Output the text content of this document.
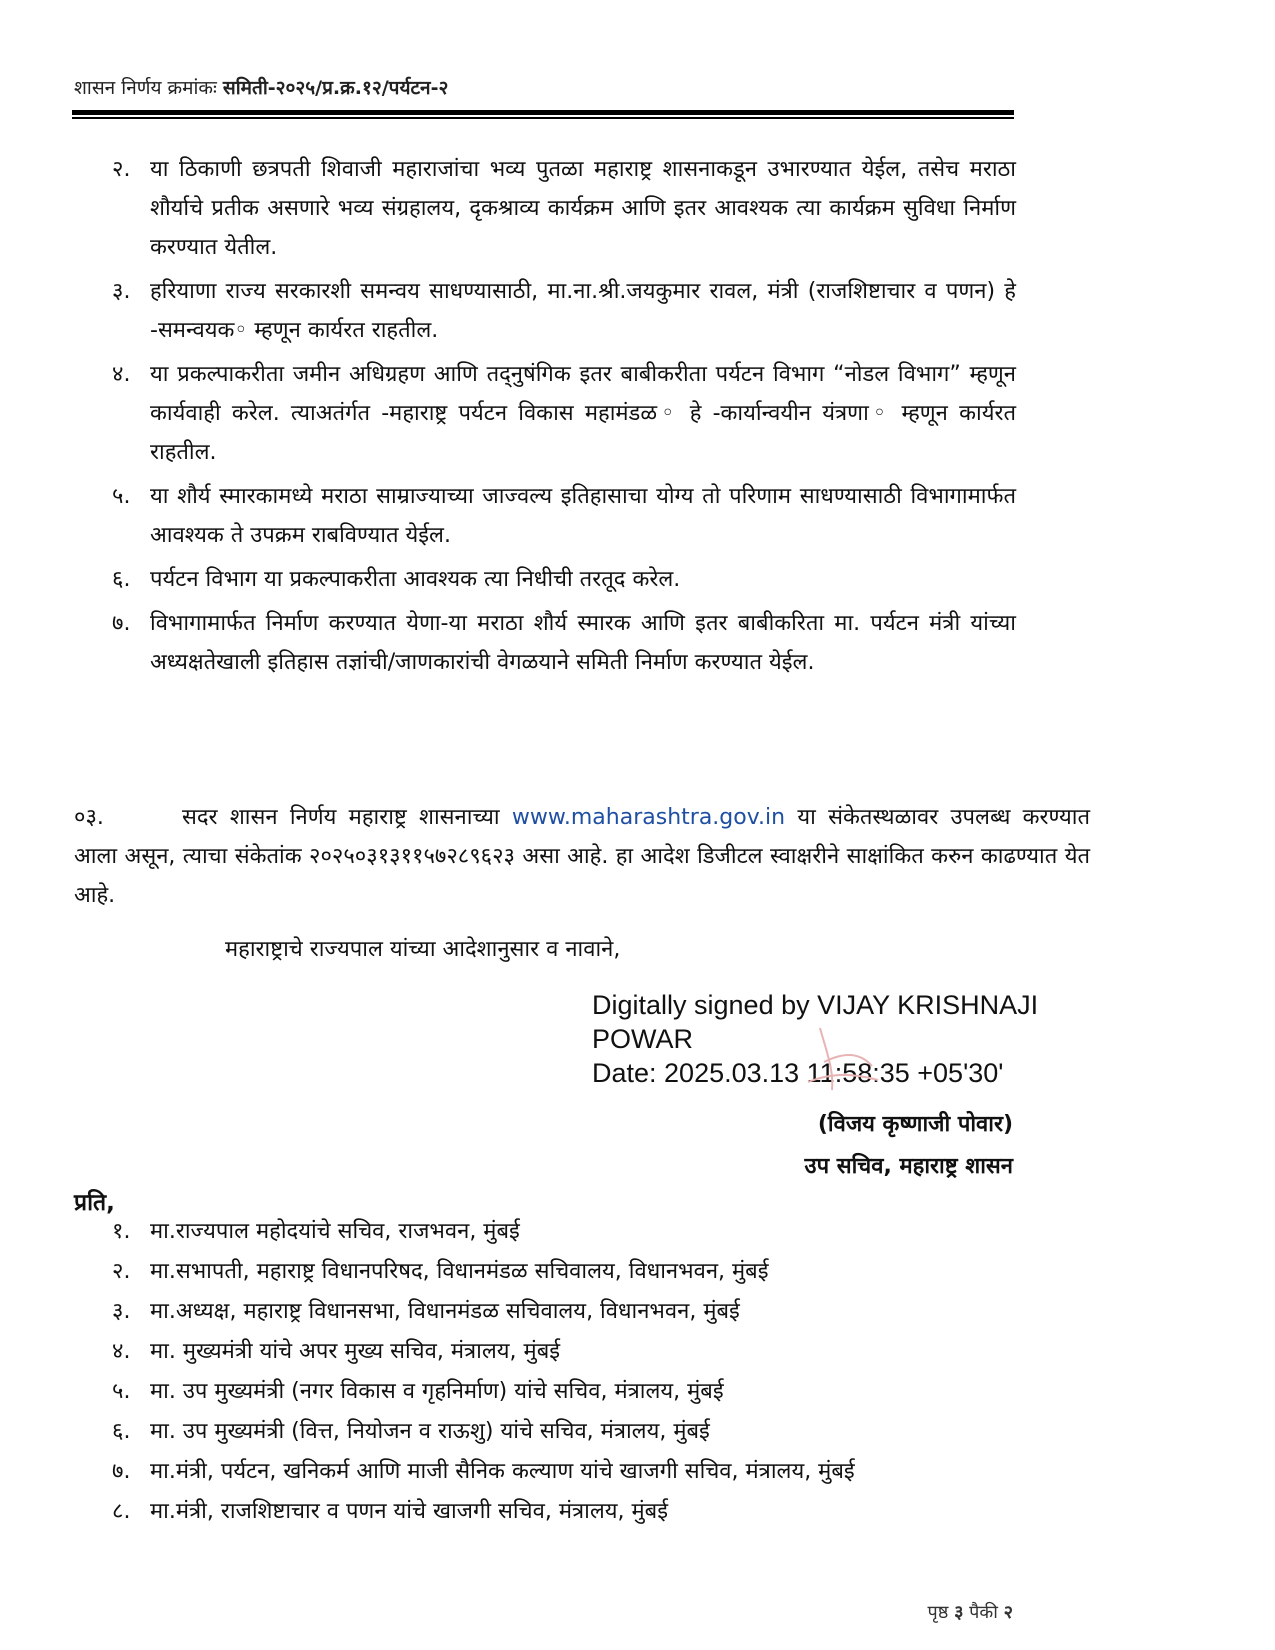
शासन निर्णय क्रमांकः समिती-२०२५/प्र.क्र.१२/पर्यटन-२
२. या ठिकाणी छत्रपती शिवाजी महाराजांचा भव्य पुतळा महाराष्ट्र शासनाकडून उभारण्यात येईल, तसेच मराठा शौर्याचे प्रतीक असणारे भव्य संग्रहालय, दृकश्राव्य कार्यक्रम आणि इतर आवश्यक त्या कार्यक्रम सुविधा निर्माण करण्यात येतील.
३. हरियाणा राज्य सरकारशी समन्वय साधण्यासाठी, मा.ना.श्री.जयकुमार रावल, मंत्री (राजशिष्टाचार व पणन) हे -समन्वयक◦ म्हणून कार्यरत राहतील.
४. या प्रकल्पाकरीता जमीन अधिग्रहण आणि तद्नुषंगिक इतर बाबीकरीता पर्यटन विभाग “नोडल विभाग” म्हणून कार्यवाही करेल. त्याअतंर्गत -महाराष्ट्र पर्यटन विकास महामंडळ◦ हे -कार्यान्वयीन यंत्रणा◦ म्हणून कार्यरत राहतील.
५. या शौर्य स्मारकामध्ये मराठा साम्राज्याच्या जाज्वल्य इतिहासाचा योग्य तो परिणाम साधण्यासाठी विभागामार्फत आवश्यक ते उपक्रम राबविण्यात येईल.
६. पर्यटन विभाग या प्रकल्पाकरीता आवश्यक त्या निधीची तरतूद करेल.
७. विभागामार्फत निर्माण करण्यात येणा-या मराठा शौर्य स्मारक आणि इतर बाबीकरिता मा. पर्यटन मंत्री यांच्या अध्यक्षतेखाली इतिहास तज्ञांची/जाणकारांची वेगळयाने समिती निर्माण करण्यात येईल.
०३.	सदर शासन निर्णय महाराष्ट्र शासनाच्या www.maharashtra.gov.in या संकेतस्थळावर उपलब्ध करण्यात आला असून, त्याचा संकेतांक २०२५०३१३११५७२८९६२३ असा आहे. हा आदेश डिजीटल स्वाक्षरीने साक्षांकित करुन काढण्यात येत आहे.
महाराष्ट्राचे राज्यपाल यांच्या आदेशानुसार व नावाने,
Digitally signed by VIJAY KRISHNAJI
POWAR
Date: 2025.03.13 11:58:35 +05'30'
(विजय कृष्णाजी पोवार)
उप सचिव, महाराष्ट्र शासन
प्रति,
१. मा.राज्यपाल महोदयांचे सचिव, राजभवन, मुंबई
२. मा.सभापती, महाराष्ट्र विधानपरिषद, विधानमंडळ सचिवालय, विधानभवन, मुंबई
३. मा.अध्यक्ष, महाराष्ट्र विधानसभा, विधानमंडळ सचिवालय, विधानभवन, मुंबई
४. मा. मुख्यमंत्री यांचे अपर मुख्य सचिव, मंत्रालय, मुंबई
५. मा. उप मुख्यमंत्री (नगर विकास व गृहनिर्माण) यांचे सचिव, मंत्रालय, मुंबई
६. मा. उप मुख्यमंत्री (वित्त, नियोजन व राऊशु) यांचे सचिव, मंत्रालय, मुंबई
७. मा.मंत्री, पर्यटन, खनिकर्म आणि माजी सैनिक कल्याण यांचे खाजगी सचिव, मंत्रालय, मुंबई
८. मा.मंत्री, राजशिष्टाचार व पणन यांचे खाजगी सचिव, मंत्रालय, मुंबई
पृष्ठ ३ पैकी २
